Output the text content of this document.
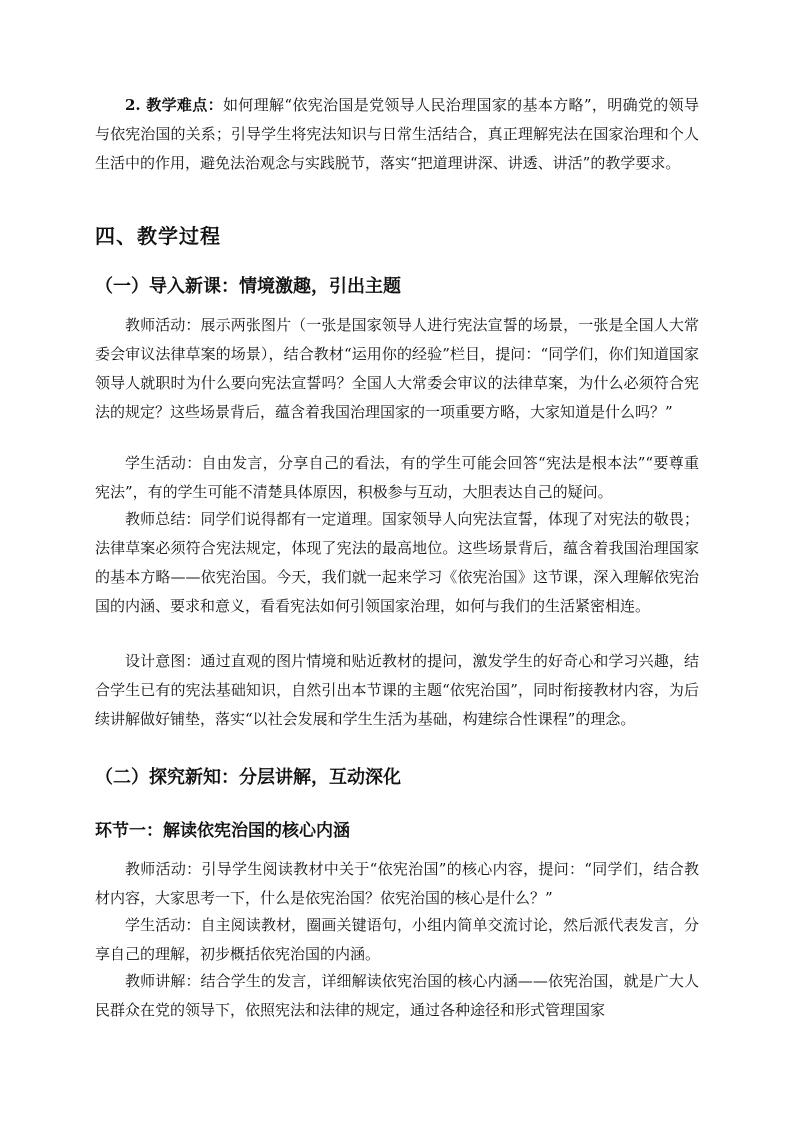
2. 教学难点：如何理解“依宪治国是党领导人民治理国家的基本方略”，明确党的领导与依宪治国的关系；引导学生将宪法知识与日常生活结合，真正理解宪法在国家治理和个人生活中的作用，避免法治观念与实践脱节，落实“把道理讲深、讲透、讲活”的教学要求。

四、教学过程
（一）导入新课：情境激趣，引出主题

教师活动：展示两张图片（一张是国家领导人进行宪法宣誓的场景，一张是全国人大常委会审议法律草案的场景），结合教材“运用你的经验”栏目，提问：“同学们，你们知道国家领导人就职时为什么要向宪法宣誓吗？全国人大常委会审议的法律草案，为什么必须符合宪法的规定？这些场景背后，蕴含着我国治理国家的一项重要方略，大家知道是什么吗？”

学生活动：自由发言，分享自己的看法，有的学生可能会回答“宪法是根本法”“要尊重宪法”，有的学生可能不清楚具体原因，积极参与互动，大胆表达自己的疑问。

教师总结：同学们说得都有一定道理。国家领导人向宪法宣誓，体现了对宪法的敬畏；法律草案必须符合宪法规定，体现了宪法的最高地位。这些场景背后，蕴含着我国治理国家的基本方略——依宪治国。今天，我们就一起来学习《依宪治国》这节课，深入理解依宪治国的内涵、要求和意义，看看宪法如何引领国家治理，如何与我们的生活紧密相连。

设计意图：通过直观的图片情境和贴近教材的提问，激发学生的好奇心和学习兴趣，结合学生已有的宪法基础知识，自然引出本节课的主题“依宪治国”，同时衔接教材内容，为后续讲解做好铺垫，落实“以社会发展和学生生活为基础，构建综合性课程”的理念。

（二）探究新知：分层讲解，互动深化
环节一：解读依宪治国的核心内涵

教师活动：引导学生阅读教材中关于“依宪治国”的核心内容，提问：“同学们，结合教材内容，大家思考一下，什么是依宪治国？依宪治国的核心是什么？”

学生活动：自主阅读教材，圈画关键语句，小组内简单交流讨论，然后派代表发言，分享自己的理解，初步概括依宪治国的内涵。

教师讲解：结合学生的发言，详细解读依宪治国的核心内涵——依宪治国，就是广大人民群众在党的领导下，依照宪法和法律的规定，通过各种途径和形式管理国家
